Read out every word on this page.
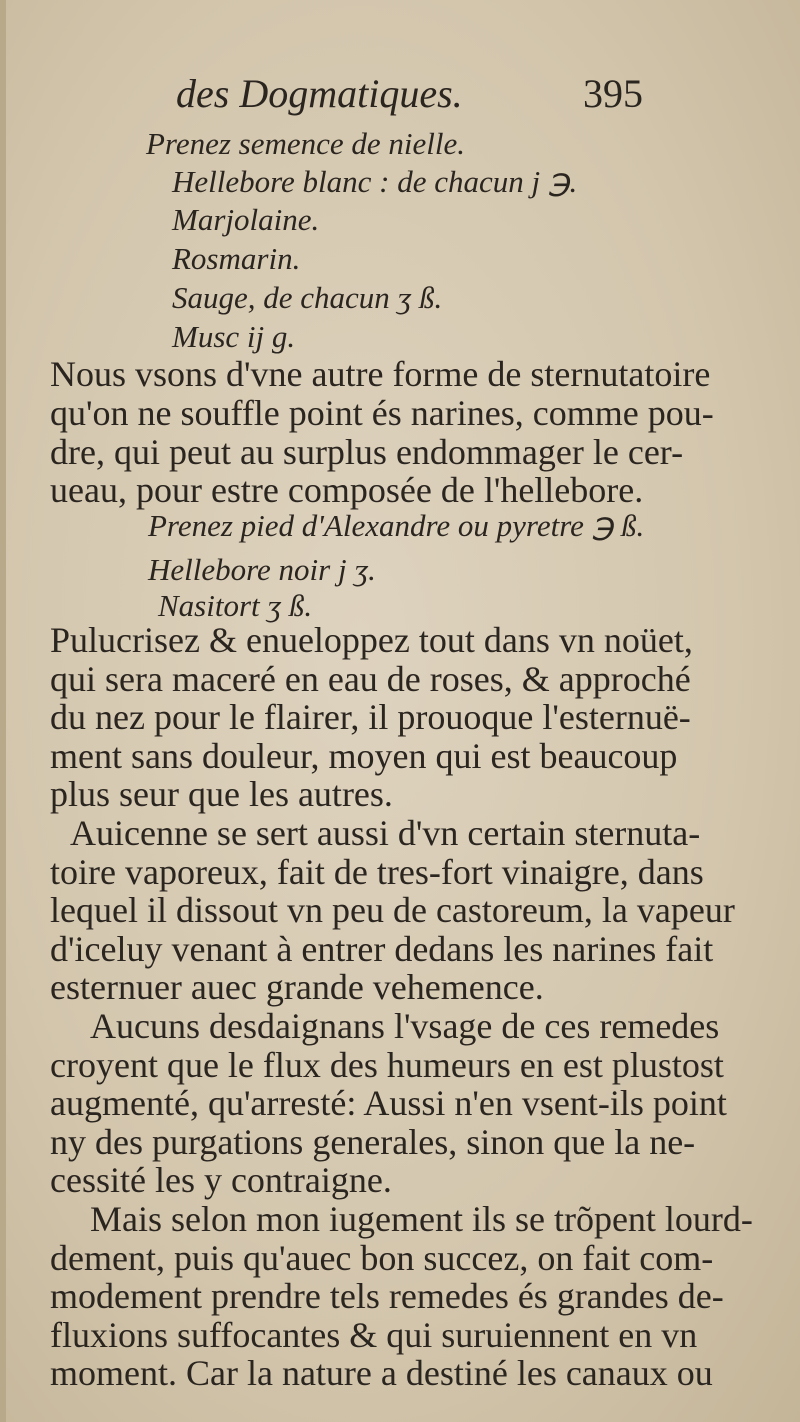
des Dogmatiques.	395
Prenez semence de nielle.
Hellebore blanc : de chacun j ℈.
Marjolaine.
Rosmarin.
Sauge, de chacun ʒ ß.
Musc ij g.
Nous vsons d'vne autre forme de sternutatoire
qu'on ne souffle point és narines, comme pou-
dre, qui peut au surplus endommager le cer-
ueau, pour estre composée de l'hellebore.
Prenez pied d'Alexandre ou pyretre ℈ ß.
Hellebore noir j ʒ.
Nasitort ʒ ß.
Pulucrisez & enueloppez tout dans vn noüet,
qui sera maceré en eau de roses, & approché
du nez pour le flairer, il prouoque l'esternuë-
ment sans douleur, moyen qui est beaucoup
plus seur que les autres.
Auicenne se sert aussi d'vn certain sternuta-
toire vaporeux, fait de tres-fort vinaigre, dans
lequel il dissout vn peu de castoreum, la vapeur
d'iceluy venant à entrer dedans les narines fait
esternuer auec grande vehemence.
Aucuns desdaignans l'vsage de ces remedes
croyent que le flux des humeurs en est plustost
augmenté, qu'arresté: Aussi n'en vsent-ils point
ny des purgations generales, sinon que la ne-
cessité les y contraigne.
Mais selon mon iugement ils se trõpent lourd-
dement, puis qu'auec bon succez, on fait com-
modement prendre tels remedes és grandes de-
fluxions suffocantes & qui suruiennent en vn
moment. Car la nature a destiné les canaux ou
